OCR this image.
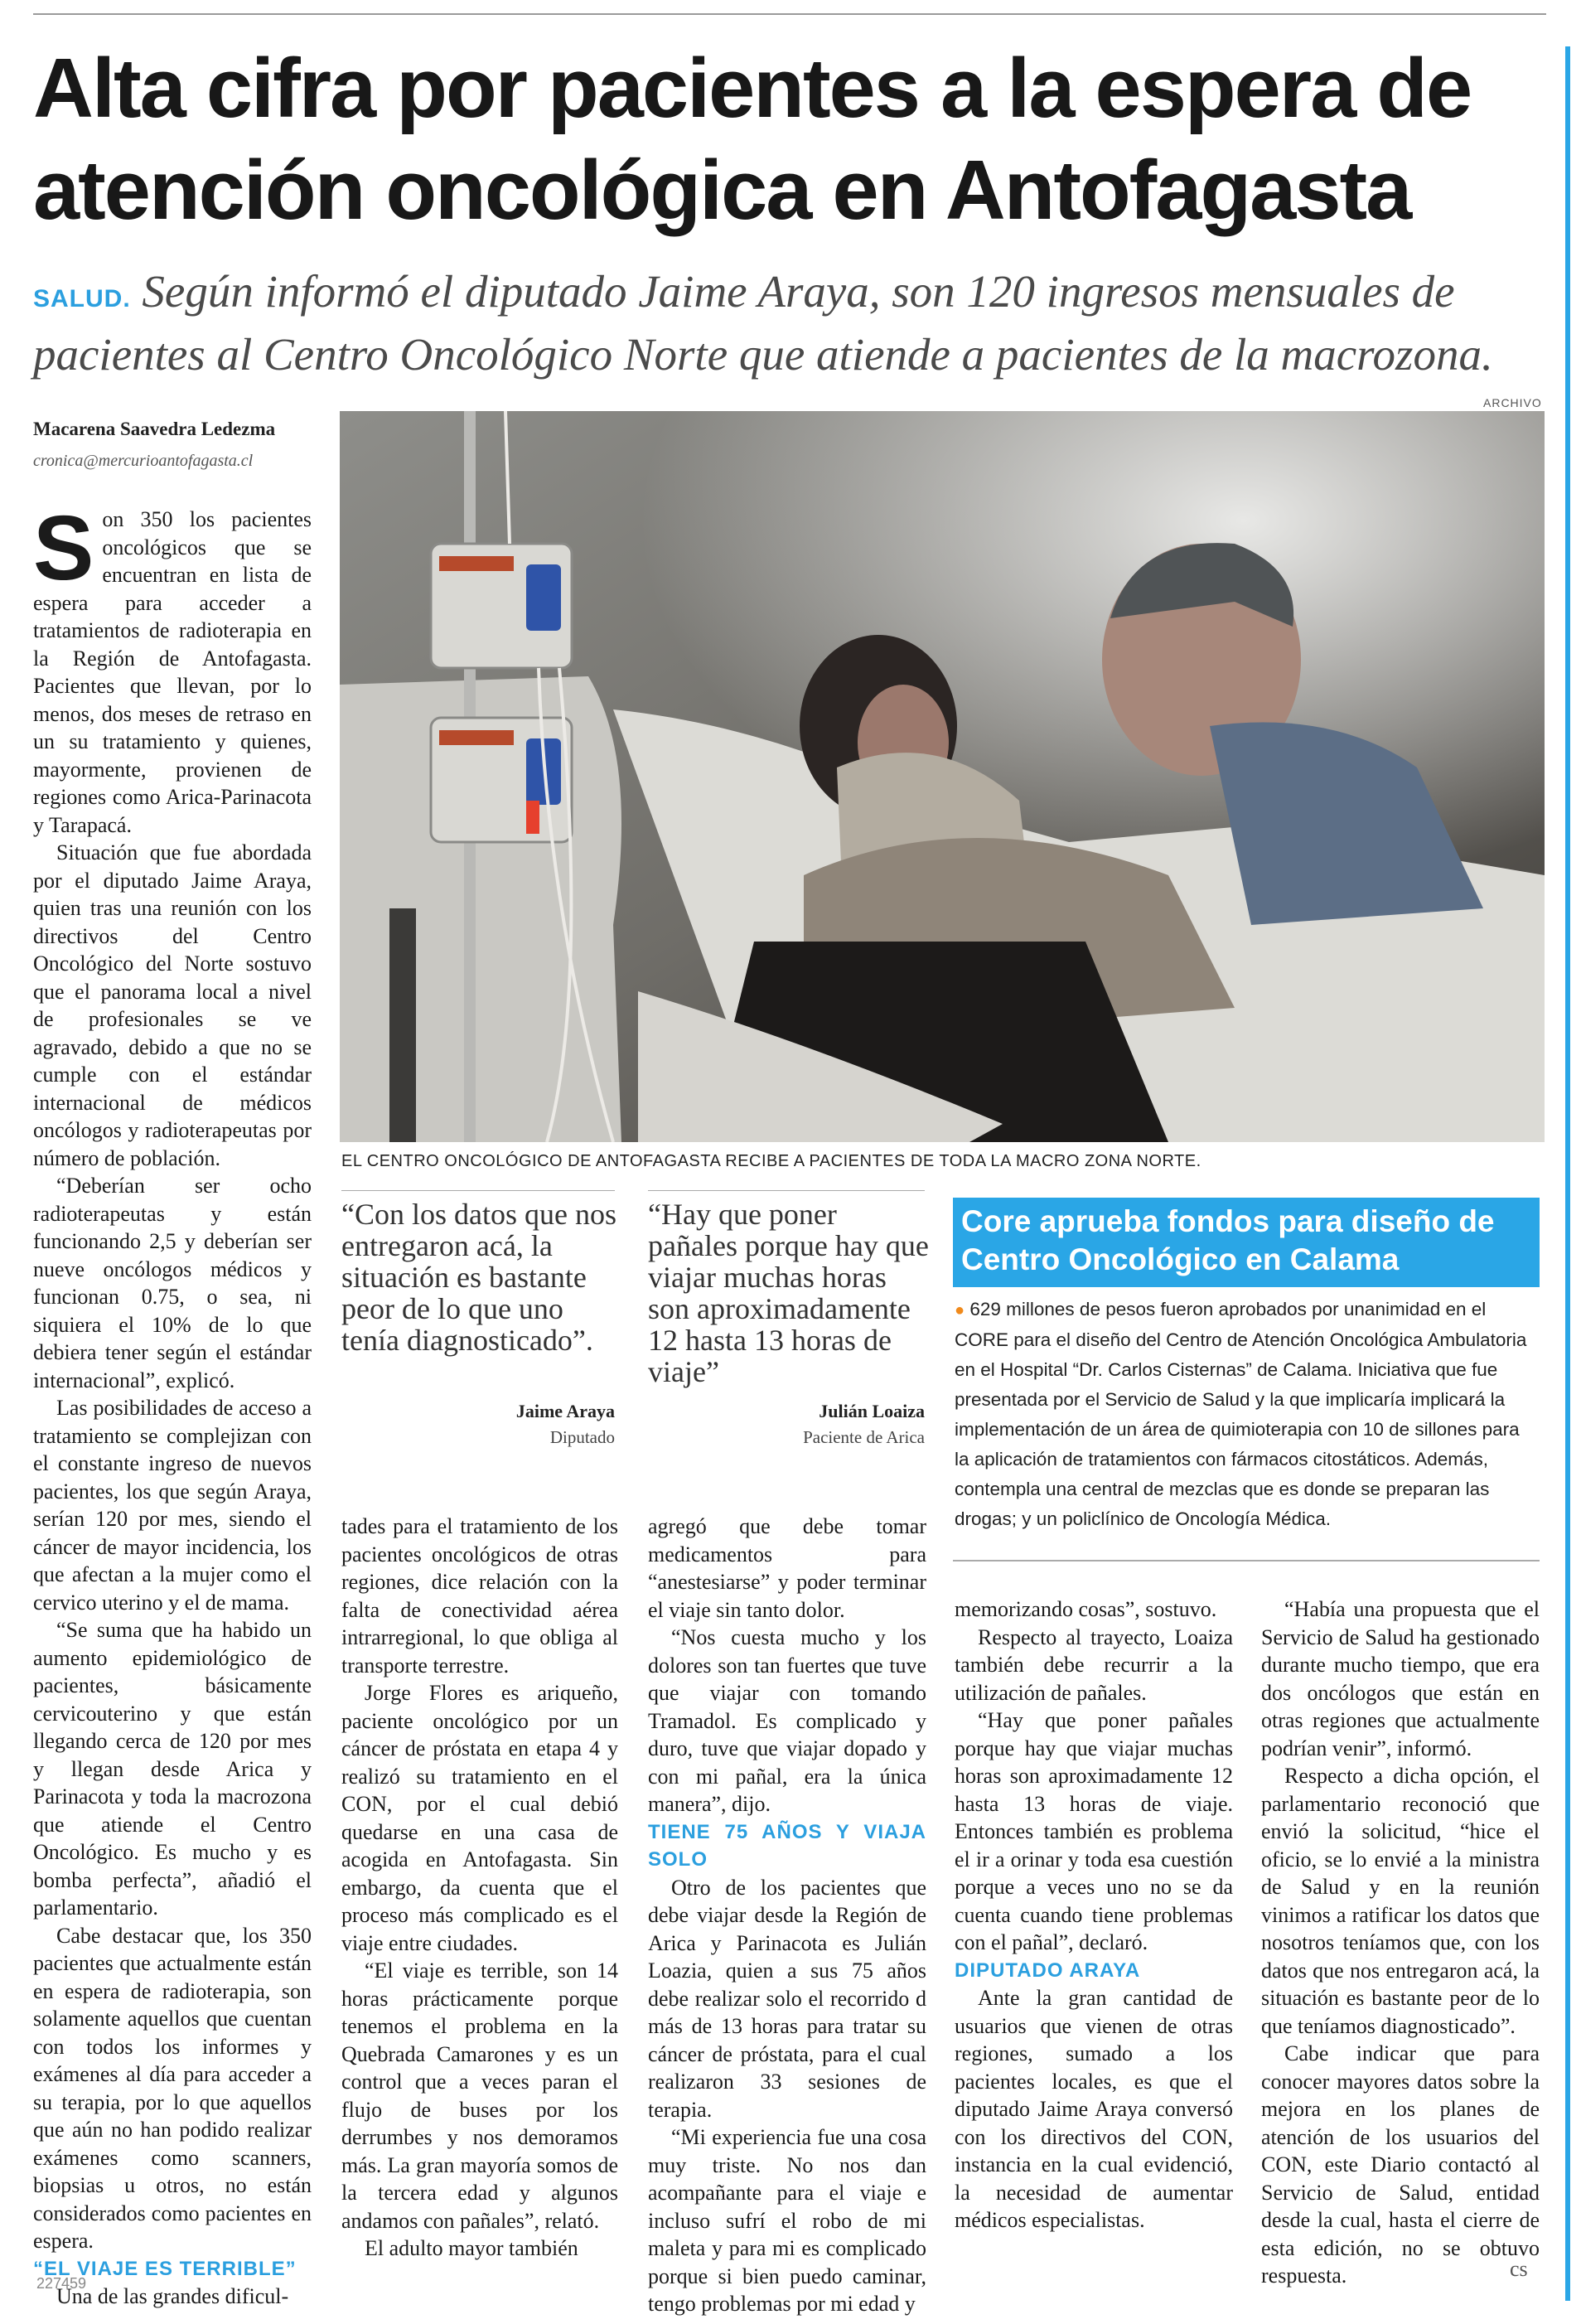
Alta cifra por pacientes a la espera de
atención oncológica en Antofagasta
SALUD. Según informó el diputado Jaime Araya, son 120 ingresos mensuales de pacientes al Centro Oncológico Norte que atiende a pacientes de la macrozona.
Macarena Saavedra Ledezma
cronica@mercurioantofagasta.cl

Son 350 los pacientes oncológicos que se encuentran en lista de espera para acceder a tratamientos de radioterapia en la Región de Antofagasta. Pacientes que llevan, por lo menos, dos meses de retraso en un su tratamiento y quienes, mayormente, provienen de regiones como Arica-Parinacota y Tarapacá.

Situación que fue abordada por el diputado Jaime Araya, quien tras una reunión con los directivos del Centro Oncológico del Norte sostuvo que el panorama local a nivel de profesionales se ve agravado, debido a que no se cumple con el estándar internacional de médicos oncólogos y radioterapeutas por número de población.

“Deberían ser ocho radioterapeutas y están funcionando 2,5 y deberían ser nueve oncólogos médicos y funcionan 0.75, o sea, ni siquiera el 10% de lo que debiera tener según el estándar internacional”, explicó.

Las posibilidades de acceso a tratamiento se complejizan con el constante ingreso de nuevos pacientes, los que según Araya, serían 120 por mes, siendo el cáncer de mayor incidencia, los que afectan a la mujer como el cervico uterino y el de mama.

“Se suma que ha habido un aumento epidemiológico de pacientes, básicamente cervicouterino y que están llegando cerca de 120 por mes y llegan desde Arica y Parinacota y toda la macrozona que atiende el Centro Oncológico. Es mucho y es bomba perfecta”, añadió el parlamentario.

Cabe destacar que, los 350 pacientes que actualmente están en espera de radioterapia, son solamente aquellos que cuentan con todos los informes y exámenes al día para acceder a su terapia, por lo que aquellos que aún no han podido realizar exámenes como scanners, biopsias u otros, no están considerados como pacientes en espera.

“EL VIAJE ES TERRIBLE”

Una de las grandes dificul-

ARCHIVO
EL CENTRO ONCOLÓGICO DE ANTOFAGASTA RECIBE A PACIENTES DE TODA LA MACRO ZONA NORTE.
“Con los datos que nos entregaron acá, la situación es bastante peor de lo que uno tenía diagnosticado”.
Jaime Araya
Diputado
“Hay que poner pañales porque hay que viajar muchas horas son aproximadamente 12 hasta 13 horas de viaje”
Julián Loaiza
Paciente de Arica
Core aprueba fondos para diseño de Centro Oncológico en Calama
● 629 millones de pesos fueron aprobados por unanimidad en el CORE para el diseño del Centro de Atención Oncológica Ambulatoria en el Hospital “Dr. Carlos Cisternas” de Calama. Iniciativa que fue presentada por el Servicio de Salud y la que implicaría implicará la implementación de un área de quimioterapia con 10 de sillones para la aplicación de tratamientos con fármacos citostáticos. Además, contempla una central de mezclas que es donde se preparan las drogas; y un policlínico de Oncología Médica.

tades para el tratamiento de los pacientes oncológicos de otras regiones, dice relación con la falta de conectividad aérea intrarregional, lo que obliga al transporte terrestre.

Jorge Flores es ariqueño, paciente oncológico por un cáncer de próstata en etapa 4 y realizó su tratamiento en el CON, por el cual debió quedarse en una casa de acogida en Antofagasta. Sin embargo, da cuenta que el proceso más complicado es el viaje entre ciudades.

“El viaje es terrible, son 14 horas prácticamente porque tenemos el problema en la Quebrada Camarones y es un control que a veces paran el flujo de buses por los derrumbes y nos demoramos más. La gran mayoría somos de la tercera edad y algunos andamos con pañales”, relató.

El adulto mayor también

agregó que debe tomar medicamentos para “anestesiarse” y poder terminar el viaje sin tanto dolor.

“Nos cuesta mucho y los dolores son tan fuertes que tuve que viajar con tomando Tramadol. Es complicado y duro, tuve que viajar dopado y con mi pañal, era la única manera”, dijo.

TIENE 75 AÑOS Y VIAJA SOLO

Otro de los pacientes que debe viajar desde la Región de Arica y Parinacota es Julián Loazia, quien a sus 75 años debe realizar solo el recorrido d más de 13 horas para tratar su cáncer de próstata, para el cual realizaron 33 sesiones de terapia.

“Mi experiencia fue una cosa muy triste. No nos dan acompañante para el viaje e incluso sufrí el robo de mi maleta y para mi es complicado porque si bien puedo caminar, tengo problemas por mi edad y

memorizando cosas”, sostuvo.

Respecto al trayecto, Loaiza también debe recurrir a la utilización de pañales.

“Hay que poner pañales porque hay que viajar muchas horas son aproximadamente 12 hasta 13 horas de viaje. Entonces también es problema el ir a orinar y toda esa cuestión porque a veces uno no se da cuenta cuando tiene problemas con el pañal”, declaró.

DIPUTADO ARAYA

Ante la gran cantidad de usuarios que vienen de otras regiones, sumado a los pacientes locales, es que el diputado Jaime Araya conversó con los directivos del CON, instancia en la cual evidenció, la necesidad de aumentar médicos especialistas.

“Había una propuesta que el Servicio de Salud ha gestionado durante mucho tiempo, que era dos oncólogos que están en otras regiones que actualmente podrían venir”, informó.

Respecto a dicha opción, el parlamentario reconoció que envió la solicitud, “hice el oficio, se lo envié a la ministra de Salud y en la reunión vinimos a ratificar los datos que nosotros teníamos que, con los datos que nos entregaron acá, la situación es bastante peor de lo que teníamos diagnosticado”.

Cabe indicar que para conocer mayores datos sobre la mejora en los planes de atención de los usuarios del CON, este Diario contactó al Servicio de Salud, entidad desde la cual, hasta el cierre de esta edición, no se obtuvo respuesta.	cs
227459
